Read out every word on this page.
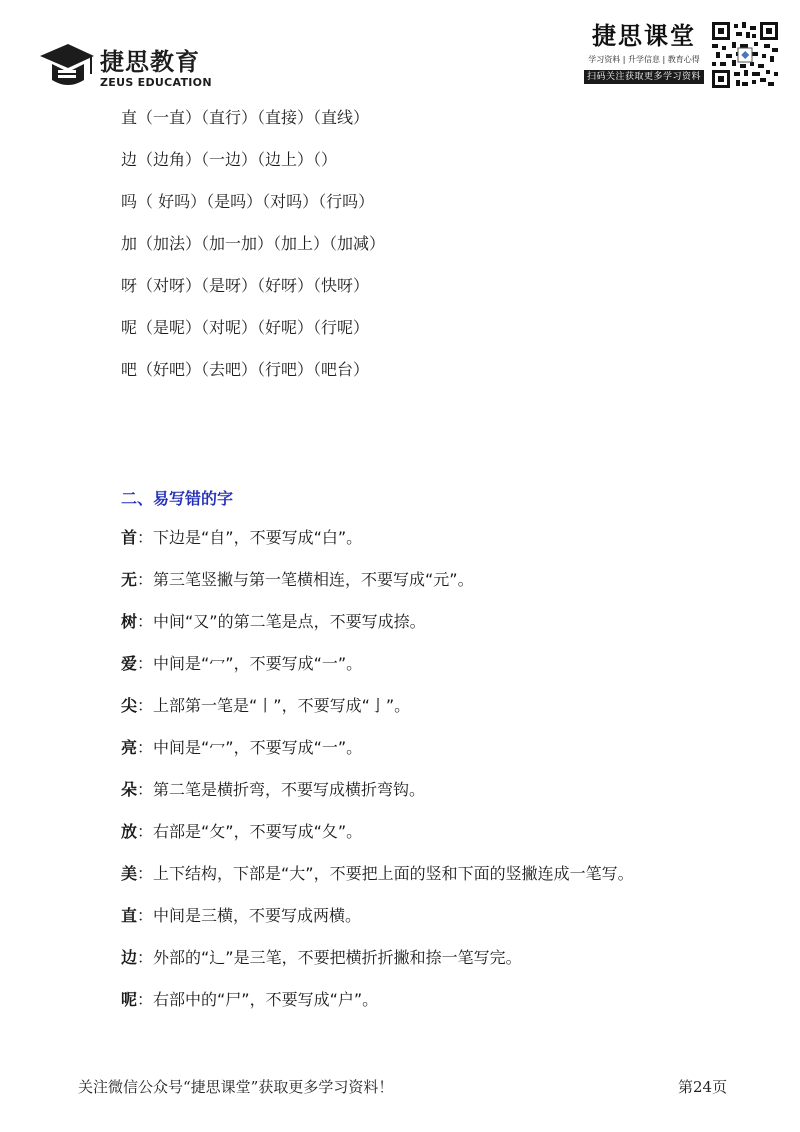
捷思教育
ZEUS EDUCATION
捷思课堂
学习资料 | 升学信息 | 教育心得
扫码关注获取更多学习资料
直（一直）（直行）（直接）（直线）
边（边角）（一边）（边上）（）
吗（ 好吗）（是吗）（对吗）（行吗）
加（加法）（加一加）（加上）（加减）
呀（对呀）（是呀）（好呀）（快呀）
呢（是呢）（对呢）（好呢）（行呢）
吧（好吧）（去吧）（行吧）（吧台）
二、易写错的字
首：下边是“自”，不要写成“白”。
无：第三笔竖撇与第一笔横相连，不要写成“元”。
树：中间“又”的第二笔是点，不要写成捺。
爱：中间是“冖”，不要写成“一”。
尖：上部第一笔是“丨”，不要写成“亅”。
亮：中间是“冖”，不要写成“一”。
朵：第二笔是横折弯，不要写成横折弯钩。
放：右部是“攵”，不要写成“夂”。
美：上下结构，下部是“大”，不要把上面的竖和下面的竖撇连成一笔写。
直：中间是三横，不要写成两横。
边：外部的“辶”是三笔，不要把横折折撇和捺一笔写完。
呢：右部中的“尸”，不要写成“户”。
关注微信公众号“捷思课堂”获取更多学习资料！	第24页
